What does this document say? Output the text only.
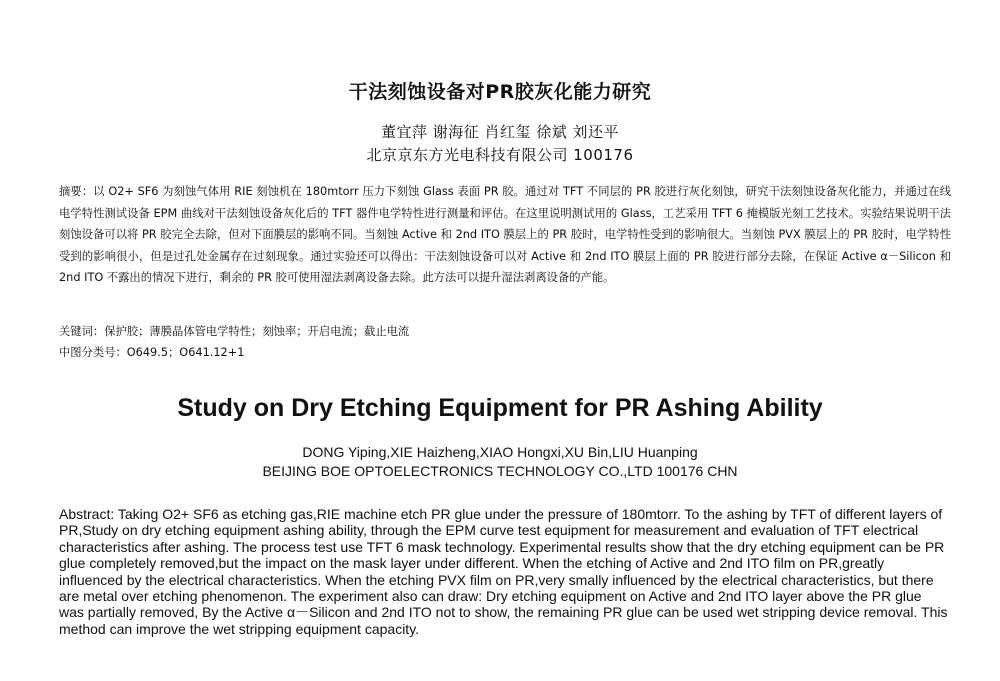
干法刻蚀设备对PR胶灰化能力研究
董宜萍 谢海征 肖红玺 徐斌 刘还平
北京京东方光电科技有限公司 100176

摘要：以 O2+ SF6 为刻蚀气体用 RIE 刻蚀机在 180mtorr 压力下刻蚀 Glass 表面 PR 胶。通过对 TFT 不同层的 PR 胶进行灰化刻蚀，研究干法刻蚀设备灰化能力，并通过在线电学特性测试设备 EPM 曲线对干法刻蚀设备灰化后的 TFT 器件电学特性进行测量和评估。在这里说明测试用的 Glass，工艺采用 TFT 6 掩模版光刻工艺技术。实验结果说明干法刻蚀设备可以将 PR 胶完全去除，但对下面膜层的影响不同。当刻蚀 Active 和 2nd ITO 膜层上的 PR 胶时，电学特性受到的影响很大。当刻蚀 PVX 膜层上的 PR 胶时，电学特性受到的影响很小，但是过孔处金属存在过刻现象。通过实验还可以得出：干法刻蚀设备可以对 Active 和 2nd ITO 膜层上面的 PR 胶进行部分去除，在保证 Active α－Silicon 和 2nd ITO 不露出的情况下进行，剩余的 PR 胶可使用湿法剥离设备去除。此方法可以提升湿法剥离设备的产能。

关键词：保护胶；薄膜晶体管电学特性；刻蚀率；开启电流；截止电流

中图分类号：O649.5；O641.12+1

Study on Dry Etching Equipment for PR Ashing Ability
DONG Yiping,XIE Haizheng,XIAO Hongxi,XU Bin,LIU Huanping
BEIJING BOE OPTOELECTRONICS TECHNOLOGY CO.,LTD 100176 CHN

Abstract: Taking O2+ SF6 as etching gas,RIE machine etch PR glue under the pressure of 180mtorr. To the ashing by TFT of different layers of PR,Study on dry etching equipment ashing ability, through the EPM curve test equipment for measurement and evaluation of TFT electrical characteristics after ashing. The process test use TFT 6 mask technology. Experimental results show that the dry etching equipment can be PR glue completely removed,but the impact on the mask layer under different. When the etching of Active and 2nd ITO film on PR,greatly influenced by the electrical characteristics. When the etching PVX film on PR,very smally influenced by the electrical characteristics, but there are metal over etching phenomenon. The experiment also can draw: Dry etching equipment on Active and 2nd ITO layer above the PR glue was partially removed, By the Active α－Silicon and 2nd ITO not to show, the remaining PR glue can be used wet stripping device removal. This method can improve the wet stripping equipment capacity.
